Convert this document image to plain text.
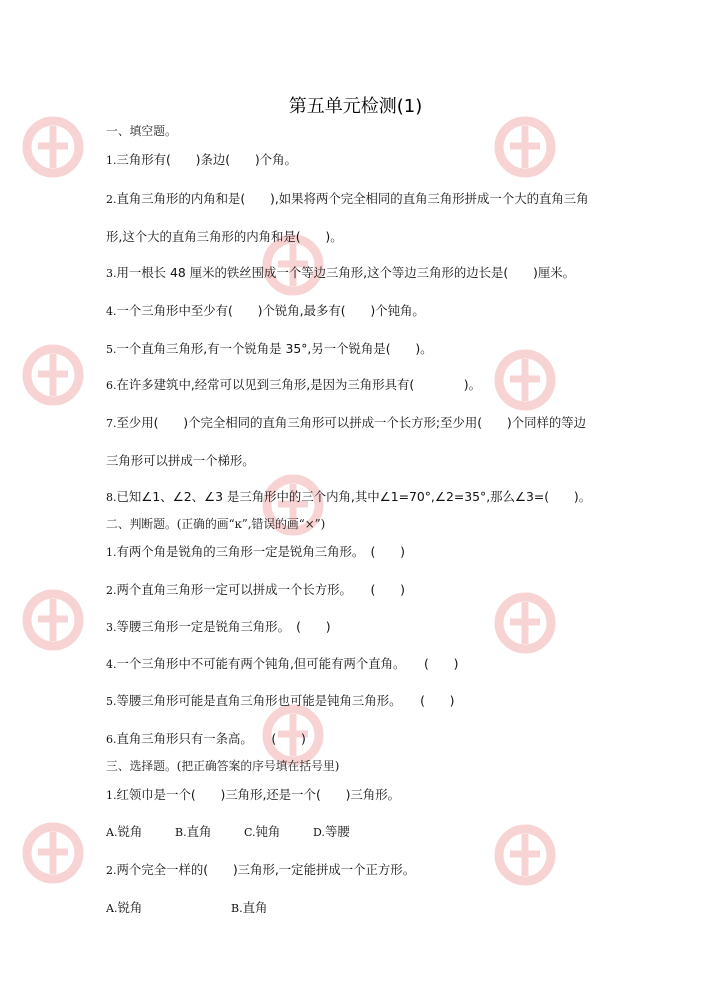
第五单元检测(1)
一、填空题。
1.三角形有(　　)条边(　　)个角。
2.直角三角形的内角和是(　　),如果将两个完全相同的直角三角形拼成一个大的直角三角
形,这个大的直角三角形的内角和是(　　)。
3.用一根长 48 厘米的铁丝围成一个等边三角形,这个等边三角形的边长是(　　)厘米。
4.一个三角形中至少有(　　)个锐角,最多有(　　)个钝角。
5.一个直角三角形,有一个锐角是 35°,另一个锐角是(　　)。
6.在许多建筑中,经常可以见到三角形,是因为三角形具有(　　　　)。
7.至少用(　　)个完全相同的直角三角形可以拼成一个长方形;至少用(　　)个同样的等边
三角形可以拼成一个梯形。
8.已知∠1、∠2、∠3 是三角形中的三个内角,其中∠1=70°,∠2=35°,那么∠3=(　　)。
二、判断题。(正确的画“ĸ”,错误的画“×”)
1.有两个角是锐角的三角形一定是锐角三角形。　(　　)
2.两个直角三角形一定可以拼成一个长方形。　　(　　)
3.等腰三角形一定是锐角三角形。　(　　)
4.一个三角形中不可能有两个钝角,但可能有两个直角。　　(　　)
5.等腰三角形可能是直角三角形也可能是钝角三角形。　　(　　)
6.直角三角形只有一条高。　　(　　)
三、选择题。(把正确答案的序号填在括号里)
1.红领巾是一个(　　)三角形,还是一个(　　)三角形。
A.锐角	B.直角	C.钝角	D.等腰
2.两个完全一样的(　　)三角形,一定能拼成一个正方形。
A.锐角	B.直角
